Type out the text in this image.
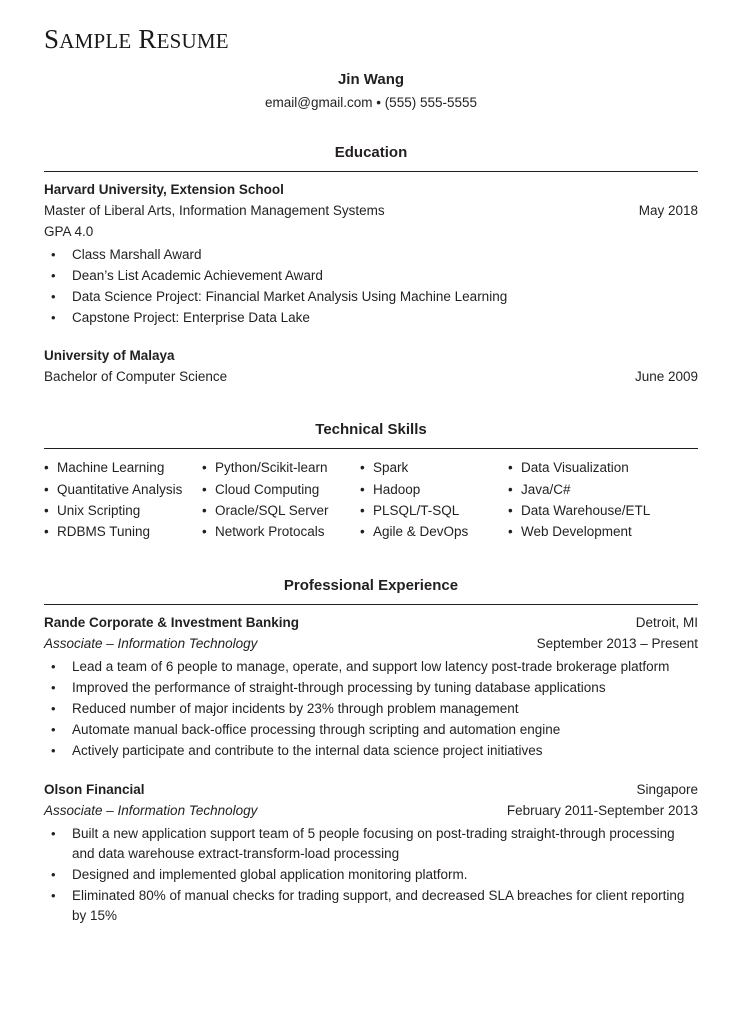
SAMPLE RESUME
Jin Wang
email@gmail.com • (555) 555-5555
Education
Harvard University, Extension School
Master of Liberal Arts, Information Management Systems	May 2018
GPA 4.0
• Class Marshall Award
• Dean’s List Academic Achievement Award
• Data Science Project: Financial Market Analysis Using Machine Learning
• Capstone Project: Enterprise Data Lake
University of Malaya
Bachelor of Computer Science	June 2009
Technical Skills
• Machine Learning	• Python/Scikit-learn	• Spark	• Data Visualization
• Quantitative Analysis	• Cloud Computing	• Hadoop	• Java/C#
• Unix Scripting	• Oracle/SQL Server	• PLSQL/T-SQL	• Data Warehouse/ETL
• RDBMS Tuning	• Network Protocals	• Agile & DevOps	• Web Development
Professional Experience
Rande Corporate & Investment Banking	Detroit, MI
Associate – Information Technology	September 2013 – Present
• Lead a team of 6 people to manage, operate, and support low latency post-trade brokerage platform
• Improved the performance of straight-through processing by tuning database applications
• Reduced number of major incidents by 23% through problem management
• Automate manual back-office processing through scripting and automation engine
• Actively participate and contribute to the internal data science project initiatives
Olson Financial	Singapore
Associate – Information Technology	February 2011-September 2013
• Built a new application support team of 5 people focusing on post-trading straight-through processing and data warehouse extract-transform-load processing
• Designed and implemented global application monitoring platform.
• Eliminated 80% of manual checks for trading support, and decreased SLA breaches for client reporting by 15%
